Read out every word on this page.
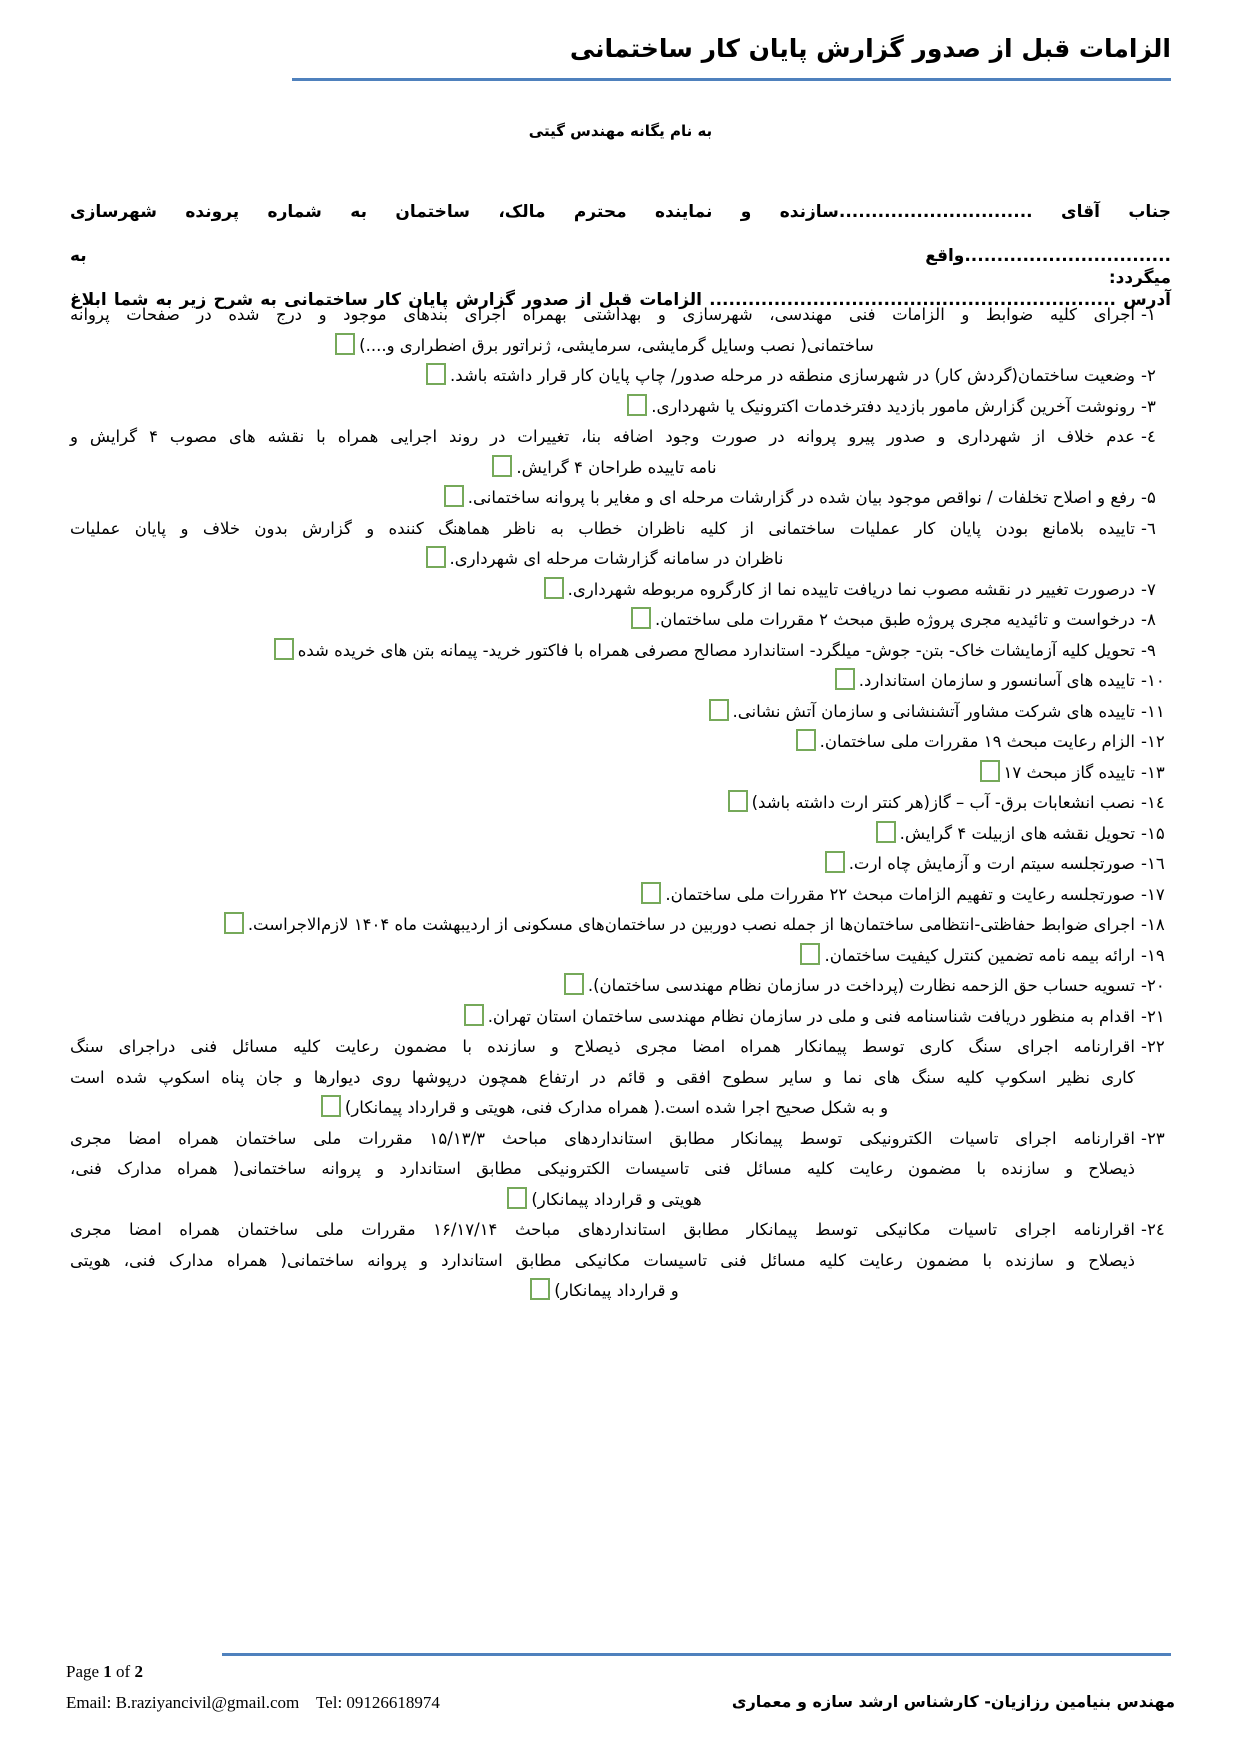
الزامات قبل از صدور گزارش پایان کار ساختمانی
به نام یگانه مهندس گیتی
جناب آقای ..............................سازنده و نماینده محترم مالک، ساختمان به شماره پرونده شهرسازی ................................واقع به
آدرس ............................................................... الزامات قبل از صدور گزارش پایان کار ساختمانی به شرح زیر به شما ابلاغ
میگردد:
۱-
اجرای کلیه ضوابط و الزامات فنی مهندسی، شهرسازی و بهداشتی بهمراه اجرای بندهای موجود و درج شده در صفحات پروانه
ساختمانی( نصب وسایل گرمایشی، سرمایشی، ژنراتور برق اضطراری و....)
۲-
وضعیت ساختمان(گردش کار) در شهرسازی منطقه در مرحله صدور/ چاپ پایان کار قرار داشته باشد.
۳-
رونوشت آخرین گزارش مامور بازدید دفترخدمات اکترونیک یا شهرداری.
٤-
عدم خلاف از شهرداری و صدور پیرو پروانه در صورت وجود اضافه بنا، تغییرات در روند اجرایی همراه با نقشه های مصوب ۴ گرایش و
نامه تاییده طراحان ۴ گرایش.
۵-
رفع و اصلاح تخلفات / نواقص موجود بیان شده در گزارشات مرحله ای و مغایر با پروانه ساختمانی.
٦-
تاییده بلامانع بودن پایان کار عملیات ساختمانی از کلیه ناظران خطاب به ناظر هماهنگ کننده و گزارش بدون خلاف و پایان عملیات
ناظران در سامانه گزارشات مرحله ای شهرداری.
۷-
درصورت تغییر در نقشه مصوب نما دریافت تاییده نما از کارگروه مربوطه شهرداری.
۸-
درخواست و تائیدیه مجری پروژه طبق مبحث ۲ مقررات ملی ساختمان.
۹-
تحویل کلیه آزمایشات خاک- بتن- جوش- میلگرد- استاندارد مصالح مصرفی همراه با فاکتور خرید- پیمانه بتن های خریده شده
۱۰-
تاییده های آسانسور و سازمان استاندارد.
۱۱-
تاییده های شرکت مشاور آتشنشانی و سازمان آتش نشانی.
۱۲-
الزام رعایت مبحث ۱۹ مقررات ملی ساختمان.
۱۳-
تاییده گاز مبحث ۱۷
۱٤-
نصب انشعابات برق- آب – گاز(هر کنتر ارت داشته باشد)
۱۵-
تحویل نقشه های ازبیلت ۴ گرایش.
۱٦-
صورتجلسه سیتم ارت و آزمایش چاه ارت.
۱۷-
صورتجلسه رعایت و تفهیم الزامات مبحث ۲۲ مقررات ملی ساختمان.
۱۸-
اجرای ضوابط حفاظتی-انتظامی ساختمان‌ها از جمله نصب دوربین در ساختمان‌های مسکونی از اردیبهشت ماه ۱۴۰۴ لازم‌الاجراست.
۱۹-
ارائه بیمه نامه تضمین کنترل کیفیت ساختمان.
۲۰-
تسویه حساب حق الزحمه نظارت (پرداخت در سازمان نظام مهندسی ساختمان).
۲۱-
اقدام به منظور دریافت شناسنامه فنی و ملی در سازمان نظام مهندسی ساختمان استان تهران.
۲۲-
اقرارنامه اجرای سنگ کاری توسط پیمانکار همراه امضا مجری ذیصلاح و سازنده با مضمون رعایت کلیه مسائل فنی دراجرای سنگ
کاری نظیر اسکوپ کلیه سنگ های نما و سایر سطوح افقی و قائم در ارتفاع همچون درپوشها روی دیوارها و جان پناه اسکوپ شده است
و به شکل صحیح اجرا شده است.( همراه مدارک فنی، هویتی و قرارداد پیمانکار)
۲۳-
اقرارنامه اجرای تاسیات الکترونیکی توسط پیمانکار مطابق استانداردهای مباحث ۱۵/۱۳/۳ مقررات ملی ساختمان همراه امضا مجری
ذیصلاح و سازنده با مضمون رعایت کلیه مسائل فنی تاسیسات الکترونیکی مطابق استاندارد و پروانه ساختمانی( همراه مدارک فنی،
هویتی و قرارداد پیمانکار)
۲٤-
اقرارنامه اجرای تاسیات مکانیکی توسط پیمانکار مطابق استانداردهای مباحث ۱۶/۱۷/۱۴ مقررات ملی ساختمان همراه امضا مجری
ذیصلاح و سازنده با مضمون رعایت کلیه مسائل فنی تاسیسات مکانیکی مطابق استاندارد و پروانه ساختمانی( همراه مدارک فنی، هویتی
و قرارداد پیمانکار)
Page 1 of 2
Email: B.raziyancivil@gmail.com    Tel: 09126618974	مهندس بنیامین رزازیان- کارشناس ارشد سازه و معماری
